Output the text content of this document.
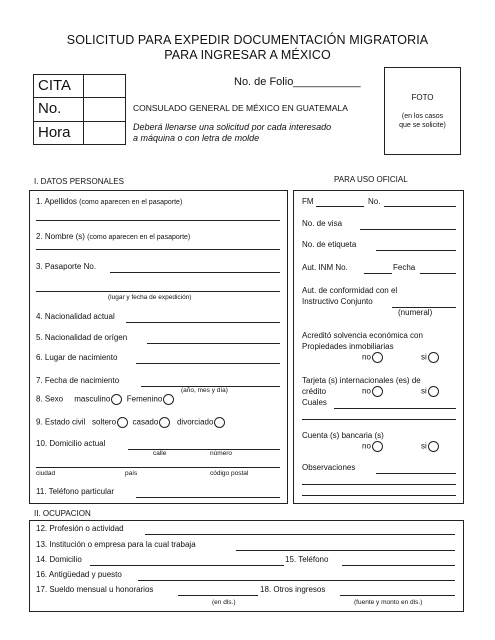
SOLICITUD PARA EXPEDIR DOCUMENTACIÓN MIGRATORIA
PARA INGRESAR A MÉXICO
CITA
No.
Hora
No. de Folio___________
CONSULADO GENERAL DE MÉXICO EN GUATEMALA
Deberá llenarse una solicitud por cada interesado
a máquina o con letra de molde
FOTO
(en los casos
que se solicite)
I. DATOS PERSONALES	PARA USO OFICIAL
1. Apellidos (como aparecen en el pasaporte)
2. Nombre (s) (como aparecen en el pasaporte)
3. Pasaporte No.
(lugar y fecha de expedición)
4. Nacionalidad actual
5. Nacionalidad de orígen
6. Lugar de nacimiento
7. Fecha de nacimiento
(año, mes y día)
8. Sexo masculino Femenino
9. Estado civil soltero casado divorciado
10. Domicilio actual
calle	número
ciudad	país	código postal
11. Teléfono particular
FM	No.
No. de visa
No. de etiqueta
Aut. INM No.	Fecha
Aut. de conformidad con el
Instructivo Conjunto
(numeral)
Acreditó solvencia económica con
Propiedades inmobiliarias
no	si
Tarjeta (s) internacionales (es) de
crédito	no	si
Cuales
Cuenta (s) bancaria (s)
no	si
Observaciones
II. OCUPACION
12. Profesión o actividad
13. Institución o empresa para la cual trabaja
14. Domicilio	15. Teléfono
16. Antigüedad y puesto
17. Sueldo mensual u honorarios	18. Otros ingresos
(en dls.)	(fuente y monto en dls.)
